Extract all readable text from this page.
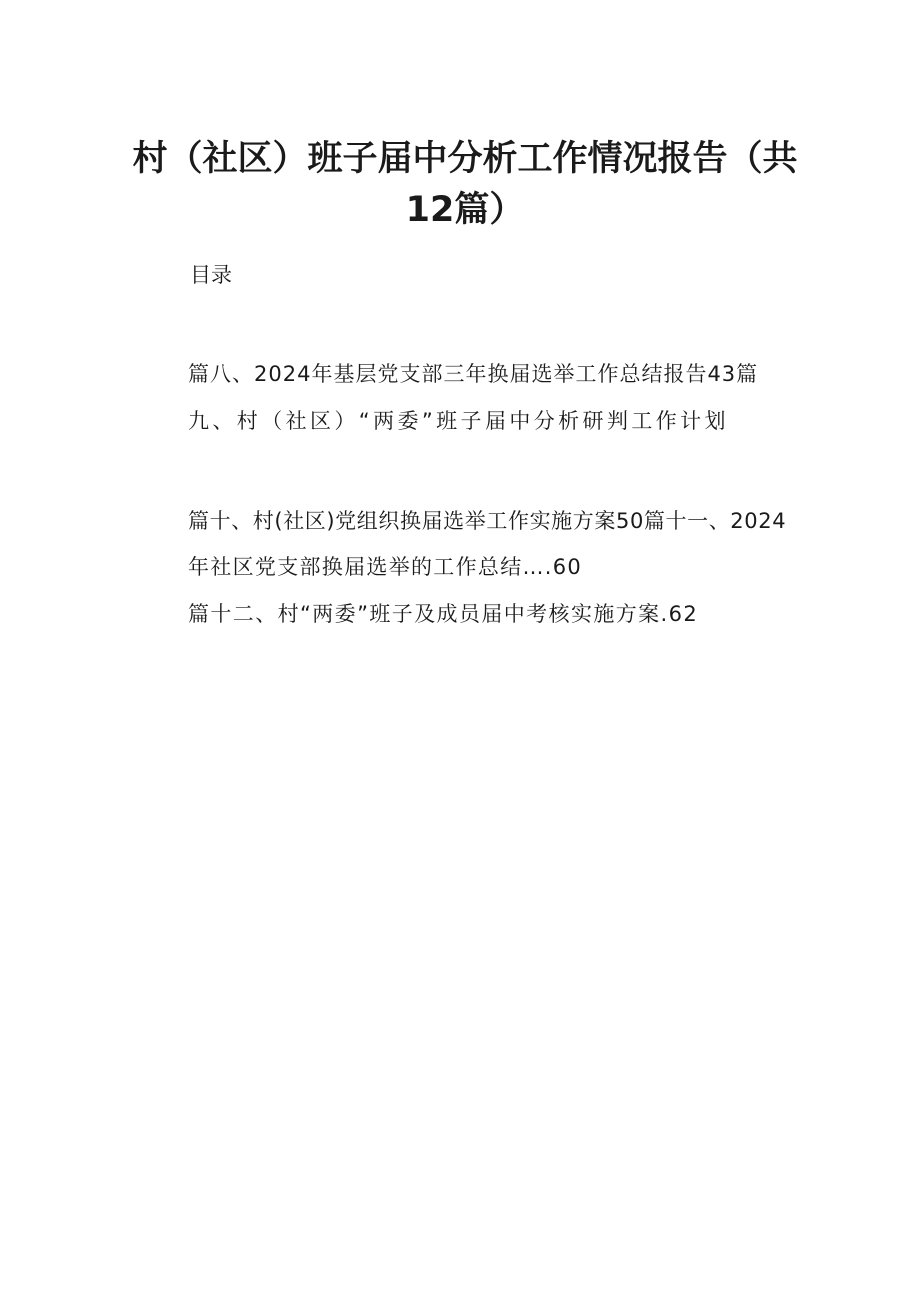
村（社区）班子届中分析工作情况报告（共12篇）

目录

篇八、2024年基层党支部三年换届选举工作总结报告43篇

九、村（社区）“两委”班子届中分析研判工作计划

篇十、村(社区)党组织换届选举工作实施方案50篇十一、2024

年社区党支部换届选举的工作总结….60

篇十二、村“两委”班子及成员届中考核实施方案.62
